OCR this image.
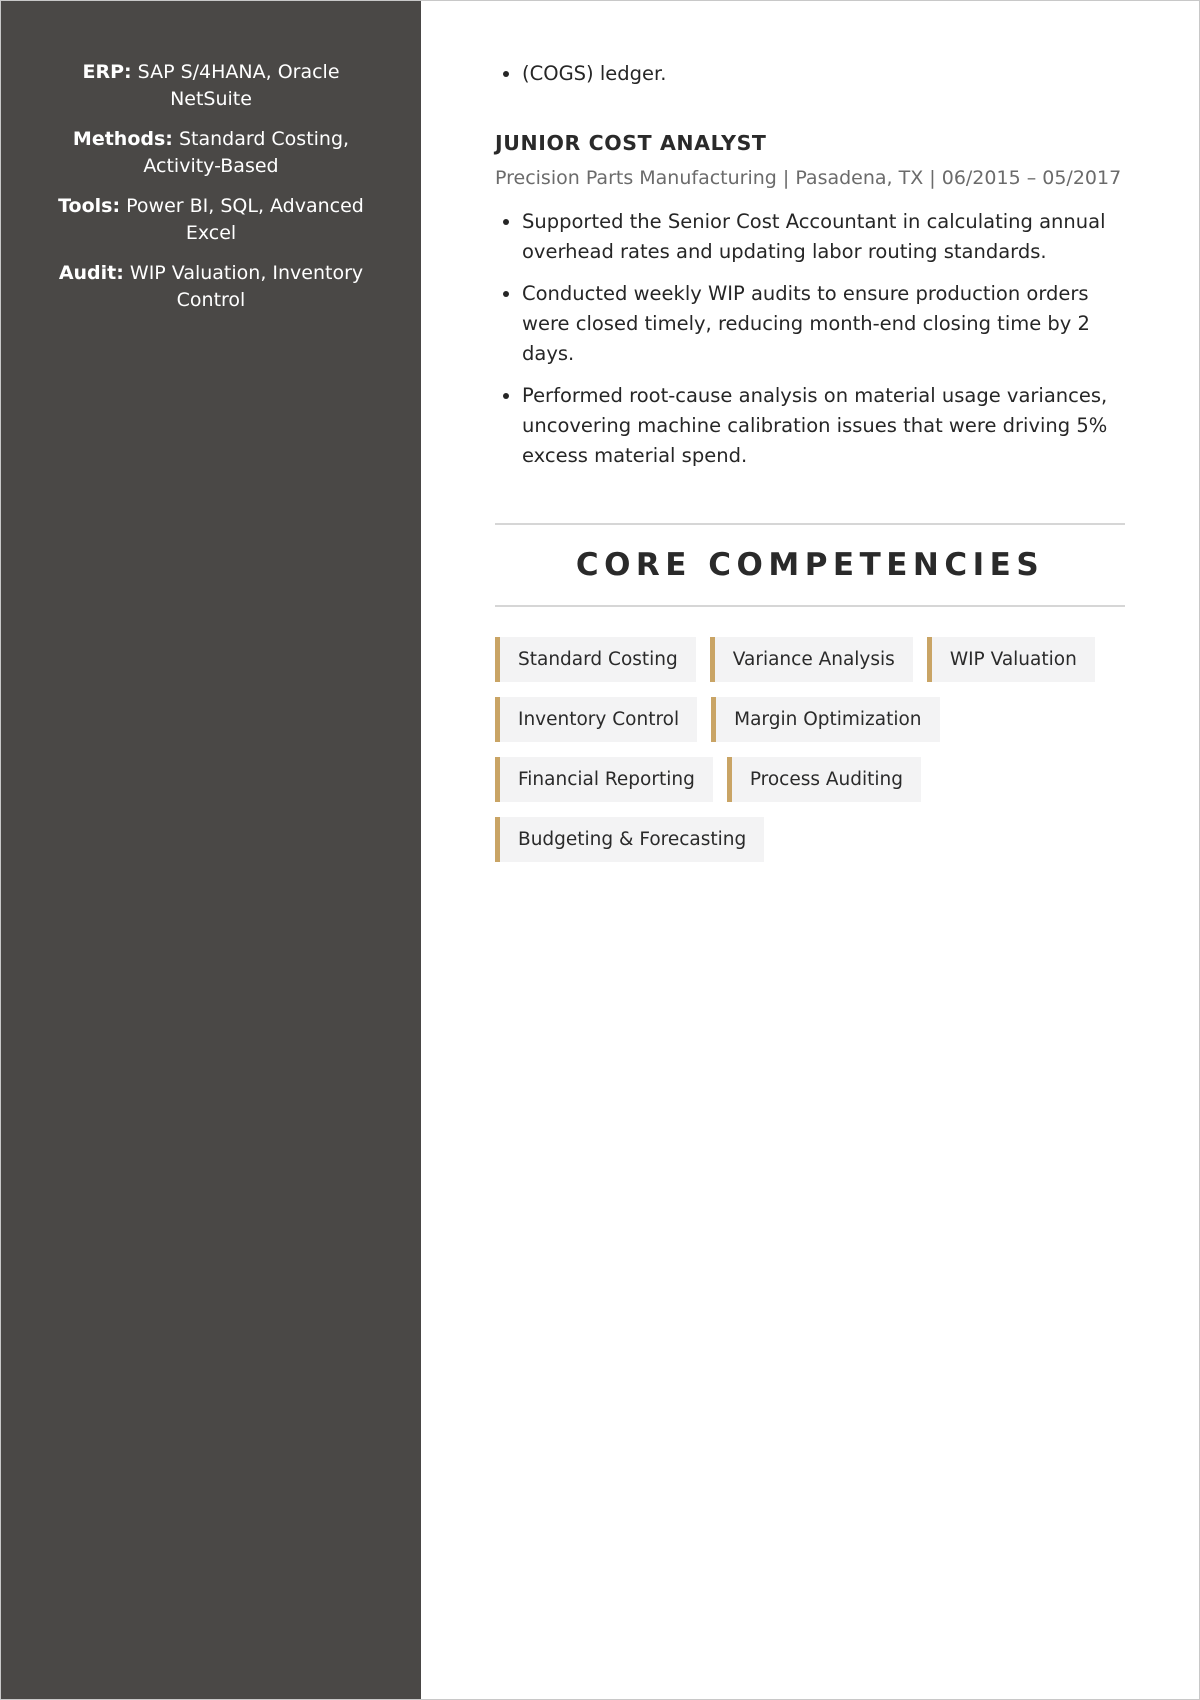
ERP: SAP S/4HANA, Oracle NetSuite
Methods: Standard Costing, Activity-Based
Tools: Power BI, SQL, Advanced Excel
Audit: WIP Valuation, Inventory Control
• (COGS) ledger.
JUNIOR COST ANALYST
Precision Parts Manufacturing | Pasadena, TX | 06/2015 – 05/2017
• Supported the Senior Cost Accountant in calculating annual overhead rates and updating labor routing standards.
• Conducted weekly WIP audits to ensure production orders were closed timely, reducing month-end closing time by 2 days.
• Performed root-cause analysis on material usage variances, uncovering machine calibration issues that were driving 5% excess material spend.
CORE COMPETENCIES
Standard Costing	Variance Analysis	WIP Valuation
Inventory Control	Margin Optimization
Financial Reporting	Process Auditing
Budgeting & Forecasting
